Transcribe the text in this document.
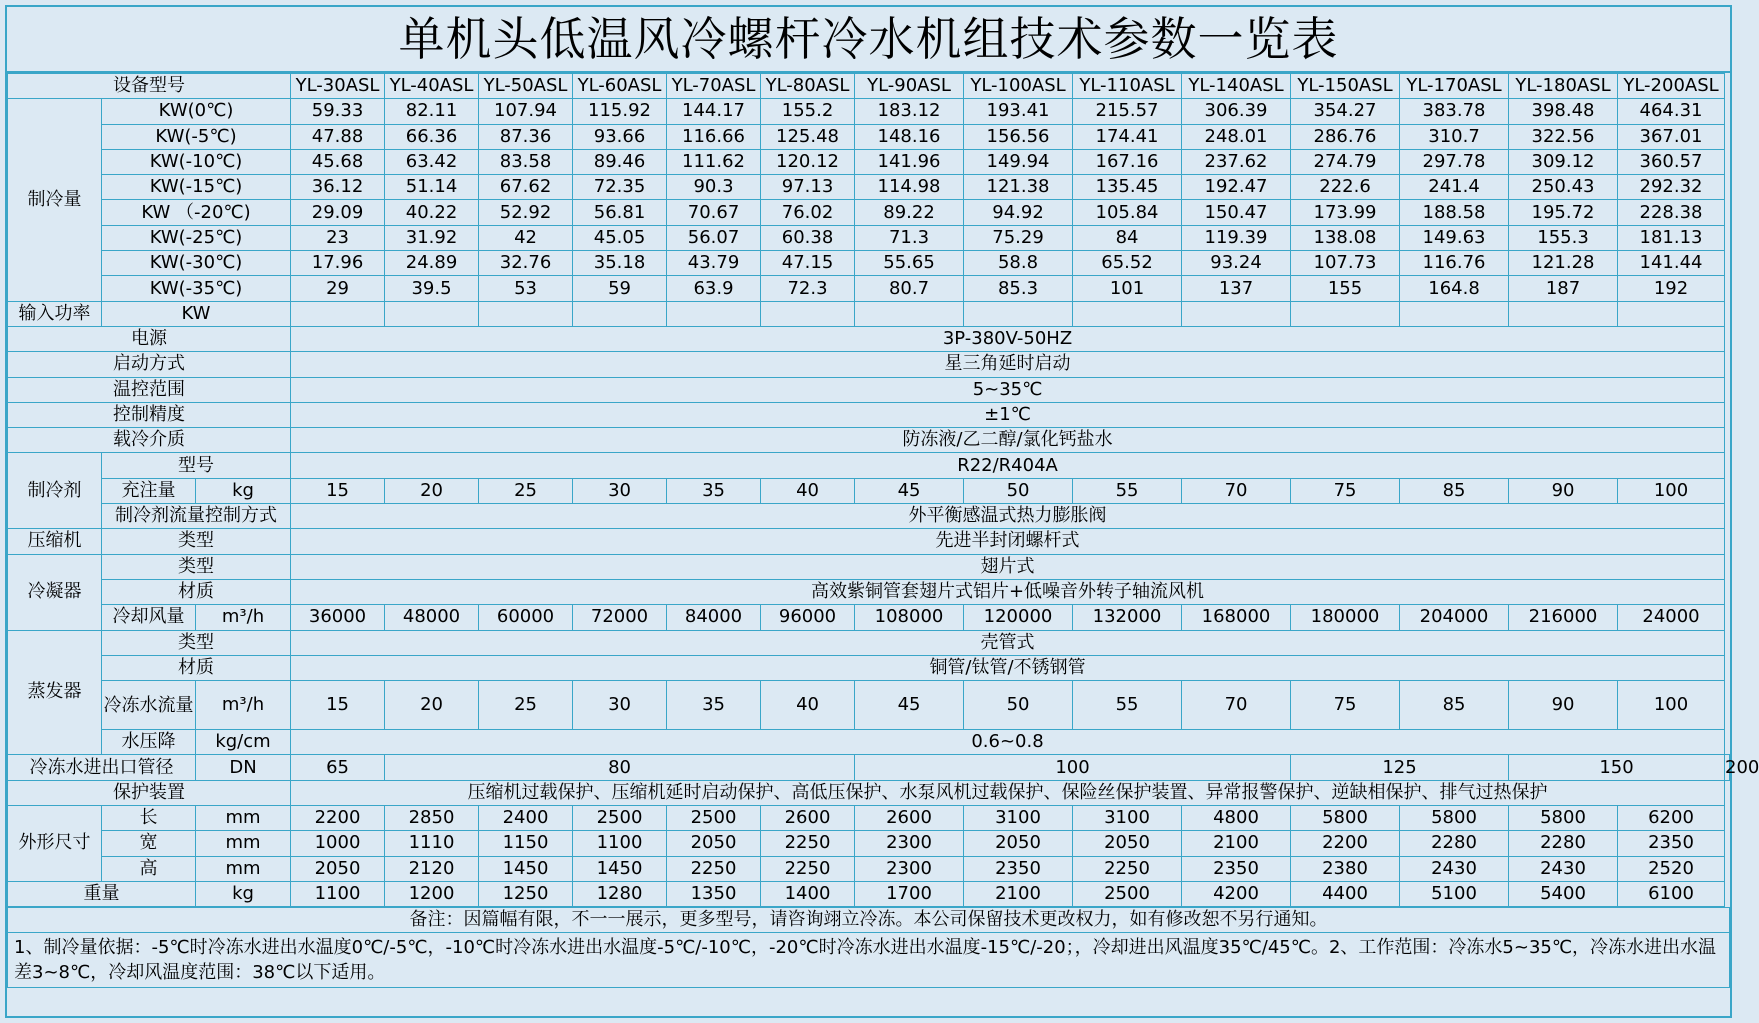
单机头低温风冷螺杆冷水机组技术参数一览表
设备型号			YL-30ASL	YL-40ASL	YL-50ASL	YL-60ASL	YL-70ASL	YL-80ASL	YL-90ASL	YL-100ASL	YL-110ASL	YL-140ASL	YL-150ASL	YL-170ASL	YL-180ASL	YL-200ASL	
制冷量	KW(0℃)		59.33	82.11	107.94	115.92	144.17	155.2	183.12	193.41	215.57	306.39	354.27	383.78	398.48	464.31	
	KW(-5℃)		47.88	66.36	87.36	93.66	116.66	125.48	148.16	156.56	174.41	248.01	286.76	310.7	322.56	367.01	
	KW(-10℃)		45.68	63.42	83.58	89.46	111.62	120.12	141.96	149.94	167.16	237.62	274.79	297.78	309.12	360.57	
	KW(-15℃)		36.12	51.14	67.62	72.35	90.3	97.13	114.98	121.38	135.45	192.47	222.6	241.4	250.43	292.32	
	KW （-20℃)		29.09	40.22	52.92	56.81	70.67	76.02	89.22	94.92	105.84	150.47	173.99	188.58	195.72	228.38	
	KW(-25℃)		23	31.92	42	45.05	56.07	60.38	71.3	75.29	84	119.39	138.08	149.63	155.3	181.13	
	KW(-30℃)		17.96	24.89	32.76	35.18	43.79	47.15	55.65	58.8	65.52	93.24	107.73	116.76	121.28	141.44	
	KW(-35℃)		29	39.5	53	59	63.9	72.3	80.7	85.3	101	137	155	164.8	187	192	
输入功率	KW																
电源			3P-380V-50HZ														
启动方式			星三角延时启动														
温控范围			5~35℃														
控制精度			±1℃														
载冷介质			防冻液/乙二醇/氯化钙盐水														
制冷剂	型号		R22/R404A														
	充注量	kg	15	20	25	30	35	40	45	50	55	70	75	85	90	100	
	制冷剂流量控制方式		外平衡感温式热力膨胀阀														
压缩机	类型		先进半封闭螺杆式														
冷凝器	类型		翅片式														
	材质		高效紫铜管套翅片式铝片+低噪音外转子轴流风机														
	冷却风量	m³/h	36000	48000	60000	72000	84000	96000	108000	120000	132000	168000	180000	204000	216000	24000	
蒸发器	类型		壳管式														
	材质		铜管/钛管/不锈钢管														
	冷冻水流量	m³/h	15	20	25	30	35	40	45	50	55	70	75	85	90	100	
	水压降	kg/cm	0.6~0.8														
冷冻水进出口管径		DN	65	80					100				125		150		200
保护装置			压缩机过载保护、压缩机延时启动保护、高低压保护、水泵风机过载保护、保险丝保护装置、异常报警保护、逆缺相保护、排气过热保护														
外形尺寸	长	mm	2200	2850	2400	2500	2500	2600	2600	3100	3100	4800	5800	5800	5800	6200	
	宽	mm	1000	1110	1150	1100	2050	2250	2300	2050	2050	2100	2200	2280	2280	2350	
	高	mm	2050	2120	1450	1450	2250	2250	2300	2350	2250	2350	2380	2430	2430	2520	
重量		kg	1100	1200	1250	1280	1350	1400	1700	2100	2500	4200	4400	5100	5400	6100	
备注：因篇幅有限，不一一展示，更多型号，请咨询翊立冷冻。本公司保留技术更改权力，如有修改恕不另行通知。
1、制冷量依据：-5℃时冷冻水进出水温度0℃/-5℃，-10℃时冷冻水进出水温度-5℃/-10℃，-20℃时冷冻水进出水温度-15℃/-20；，冷却进出风温度35℃/45℃。2、工作范围：冷冻水5~35℃，冷冻水进出水温差3~8℃，冷却风温度范围：38℃以下适用。
